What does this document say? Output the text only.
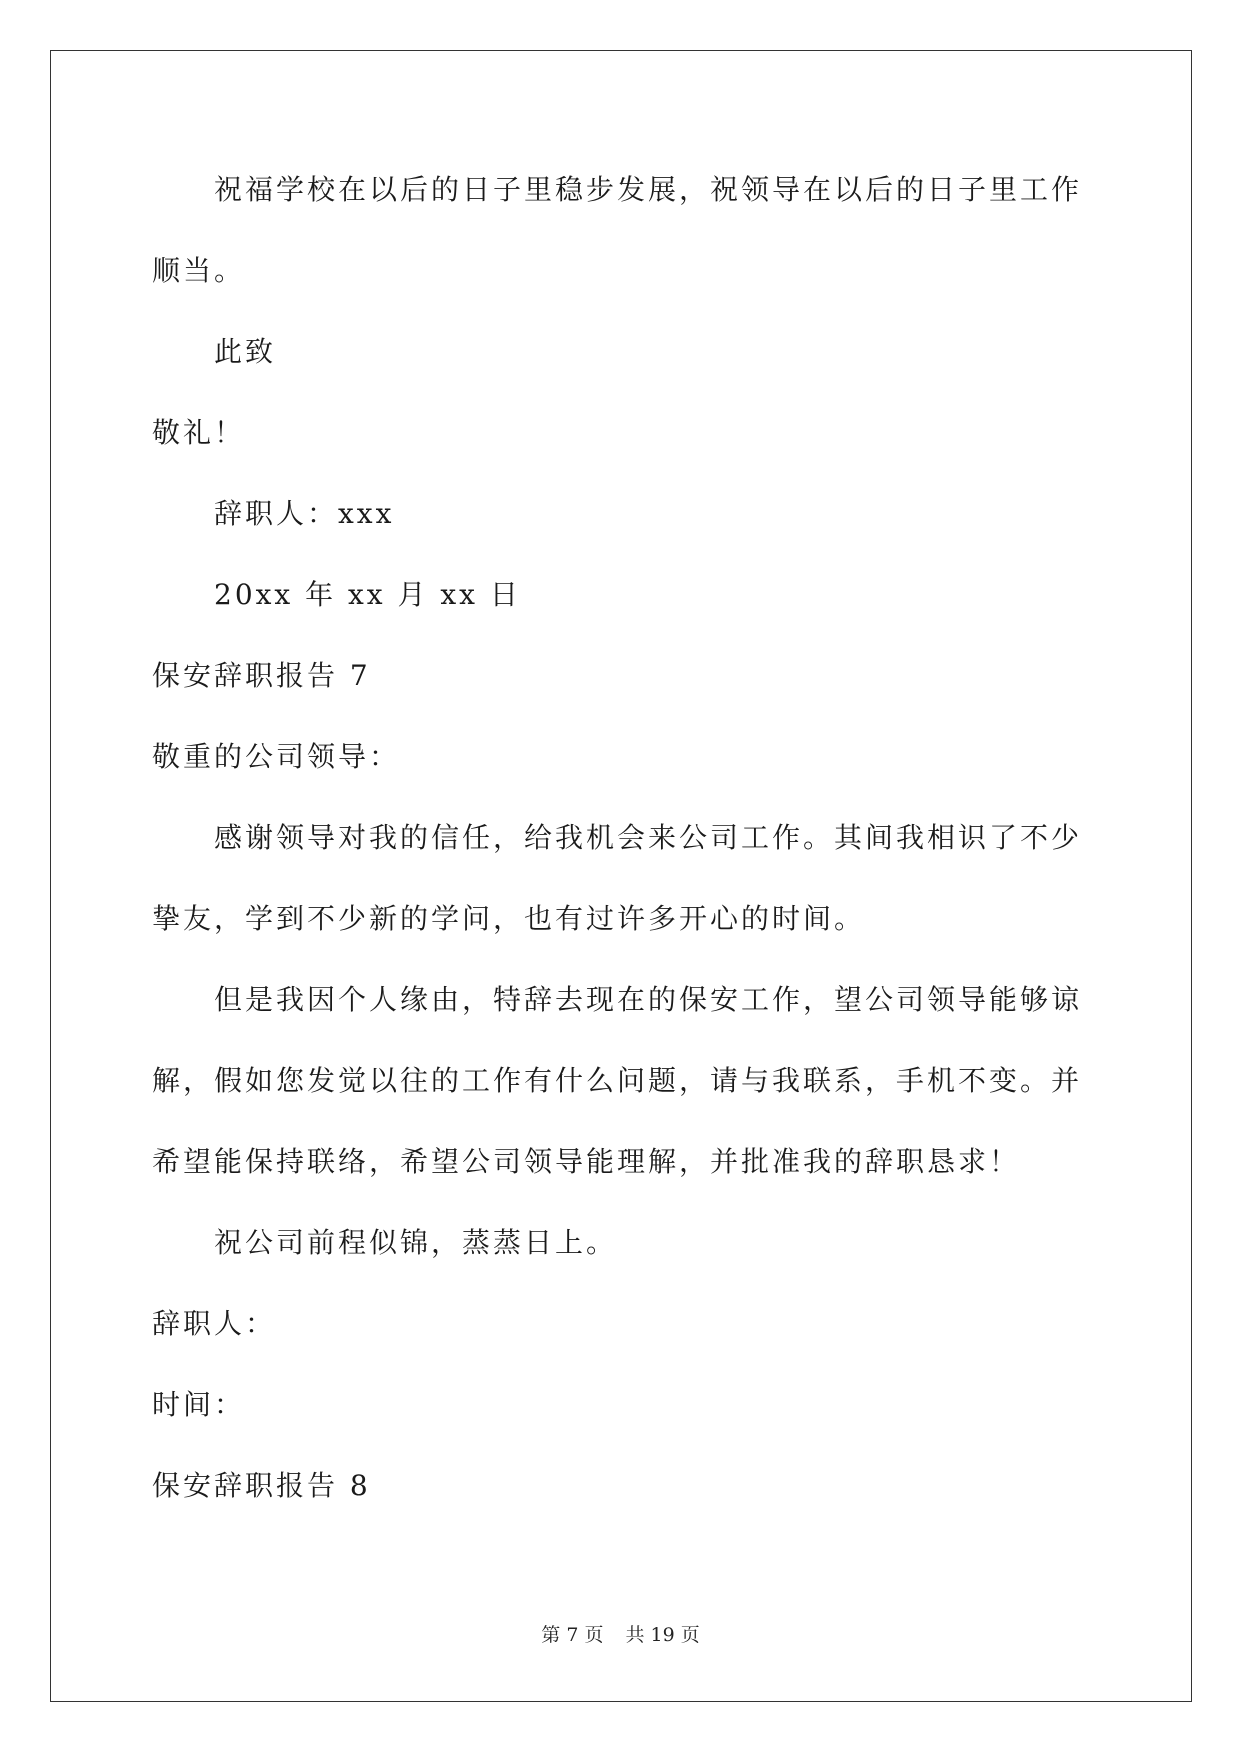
祝福学校在以后的日子里稳步发展，祝领导在以后的日子里工作
顺当。
此致
敬礼！
辞职人：xxx
20xx 年 xx 月 xx 日
保安辞职报告 7
敬重的公司领导：
感谢领导对我的信任，给我机会来公司工作。其间我相识了不少
挚友，学到不少新的学问，也有过许多开心的时间。
但是我因个人缘由，特辞去现在的保安工作，望公司领导能够谅
解，假如您发觉以往的工作有什么问题，请与我联系，手机不变。并
希望能保持联络，希望公司领导能理解，并批准我的辞职恳求！
祝公司前程似锦，蒸蒸日上。
辞职人：
时间：
保安辞职报告 8
第 7 页 共 19 页
